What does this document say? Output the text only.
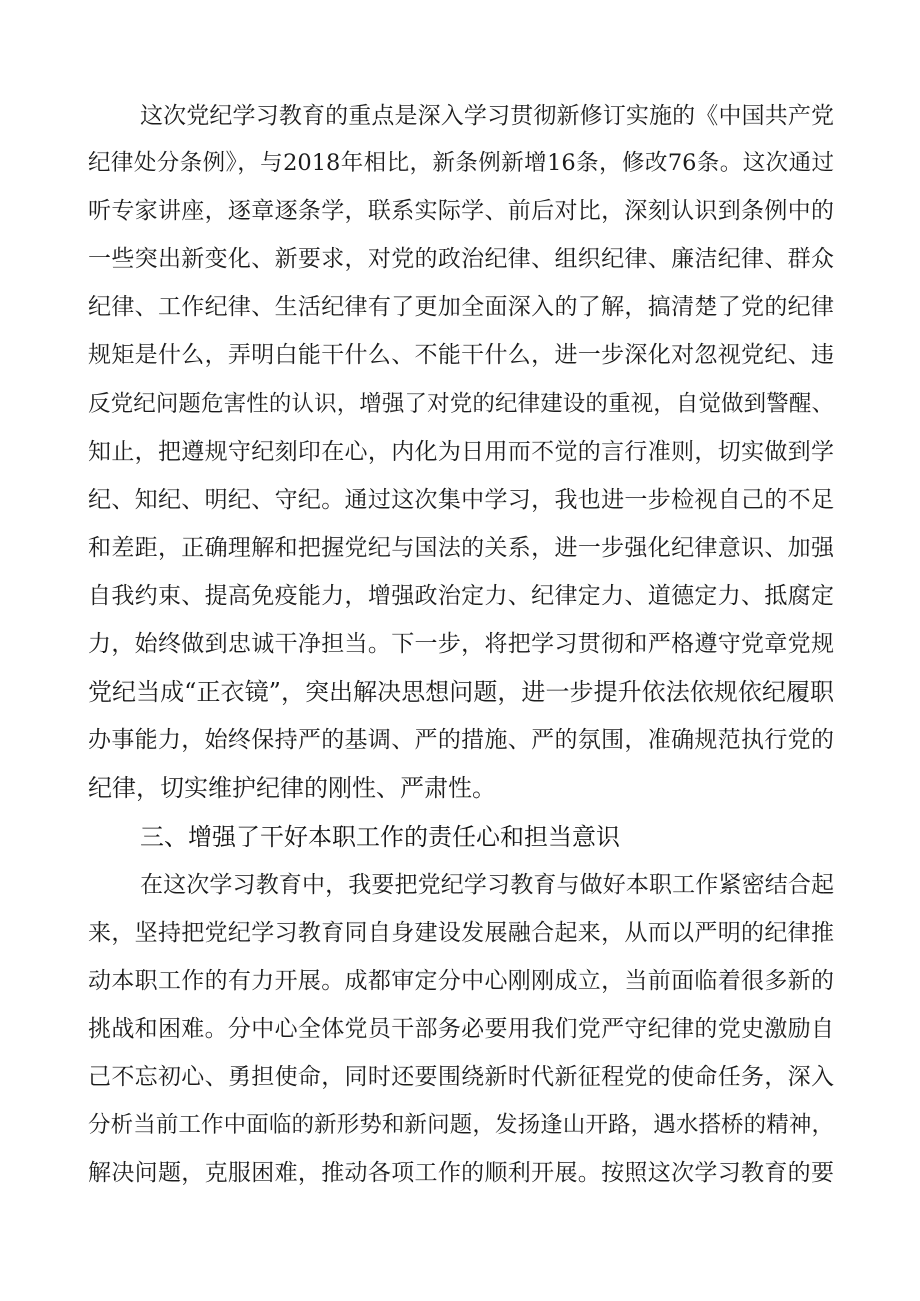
这次党纪学习教育的重点是深入学习贯彻新修订实施的《中国共产党
纪律处分条例》，与2018年相比，新条例新增16条，修改76条。这次通过
听专家讲座，逐章逐条学，联系实际学、前后对比，深刻认识到条例中的
一些突出新变化、新要求，对党的政治纪律、组织纪律、廉洁纪律、群众
纪律、工作纪律、生活纪律有了更加全面深入的了解，搞清楚了党的纪律
规矩是什么，弄明白能干什么、不能干什么，进一步深化对忽视党纪、违
反党纪问题危害性的认识，增强了对党的纪律建设的重视，自觉做到警醒、
知止，把遵规守纪刻印在心，内化为日用而不觉的言行准则，切实做到学
纪、知纪、明纪、守纪。通过这次集中学习，我也进一步检视自己的不足
和差距，正确理解和把握党纪与国法的关系，进一步强化纪律意识、加强
自我约束、提高免疫能力，增强政治定力、纪律定力、道德定力、抵腐定
力，始终做到忠诚干净担当。下一步，将把学习贯彻和严格遵守党章党规
党纪当成“正衣镜”，突出解决思想问题，进一步提升依法依规依纪履职
办事能力，始终保持严的基调、严的措施、严的氛围，准确规范执行党的
纪律，切实维护纪律的刚性、严肃性。
三、增强了干好本职工作的责任心和担当意识
在这次学习教育中，我要把党纪学习教育与做好本职工作紧密结合起
来，坚持把党纪学习教育同自身建设发展融合起来，从而以严明的纪律推
动本职工作的有力开展。成都审定分中心刚刚成立，当前面临着很多新的
挑战和困难。分中心全体党员干部务必要用我们党严守纪律的党史激励自
己不忘初心、勇担使命，同时还要围绕新时代新征程党的使命任务，深入
分析当前工作中面临的新形势和新问题，发扬逢山开路，遇水搭桥的精神，
解决问题，克服困难，推动各项工作的顺利开展。按照这次学习教育的要
